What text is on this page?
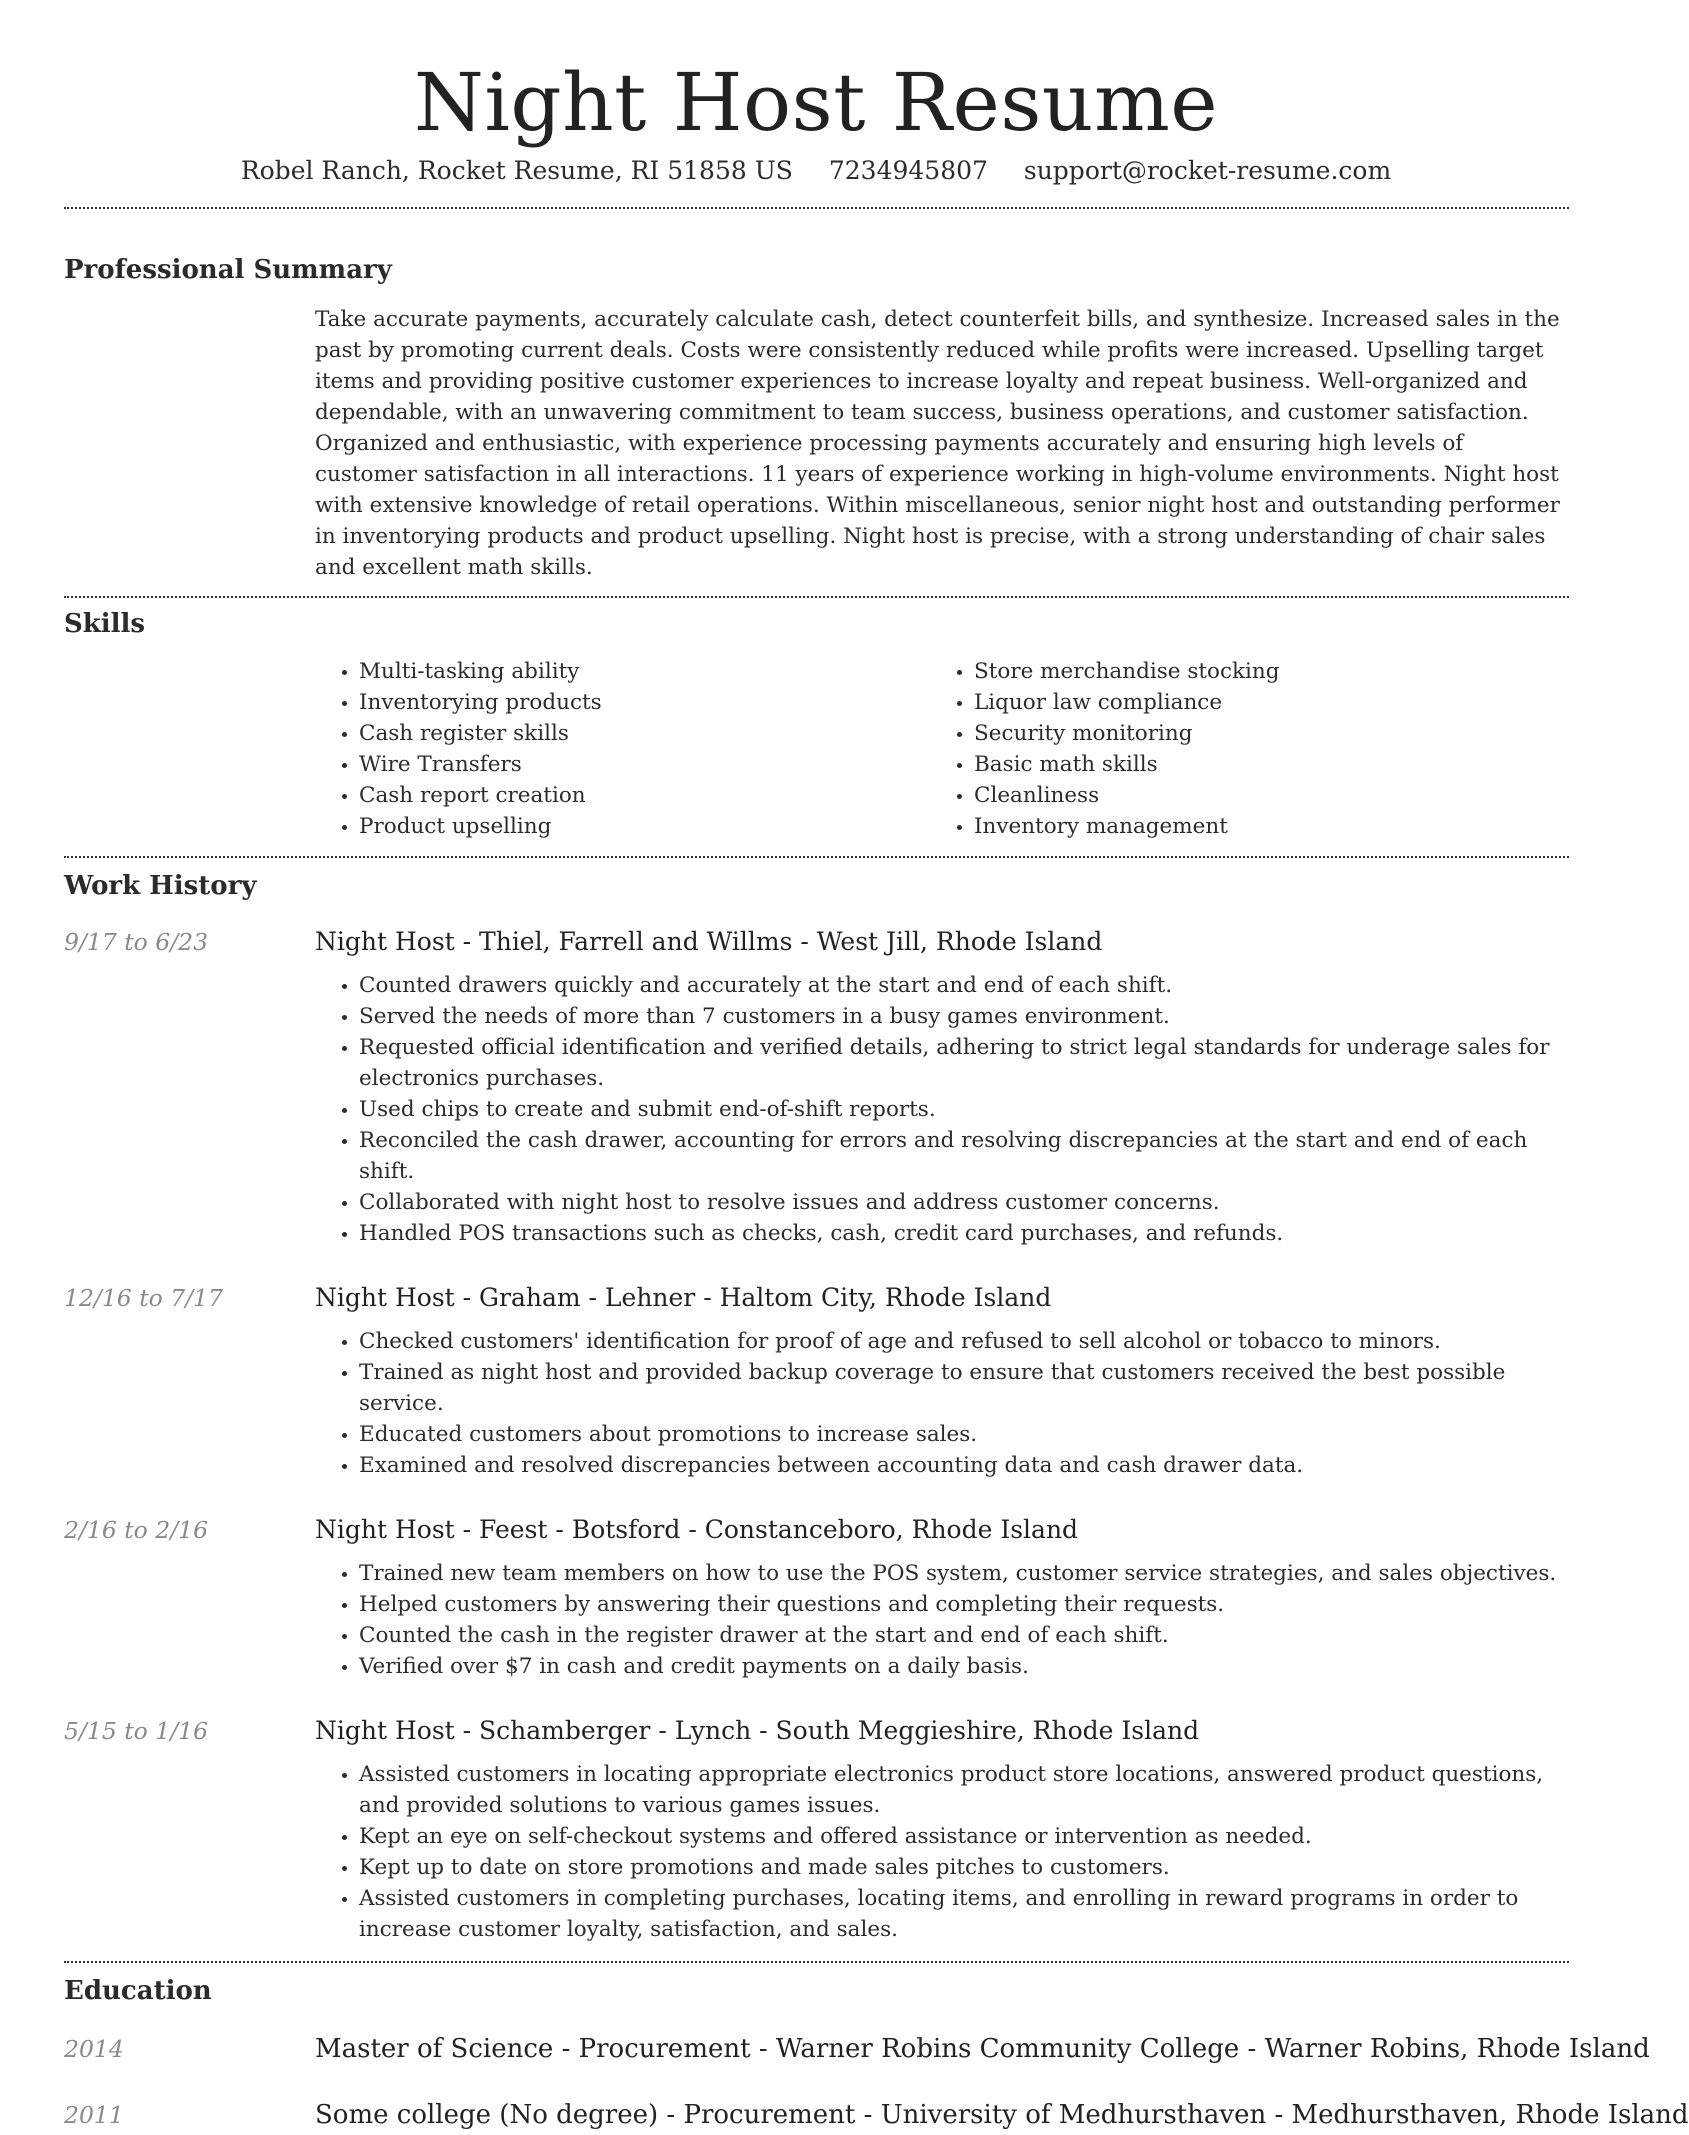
Night Host Resume
Robel Ranch, Rocket Resume, RI 51858 US 7234945807 support@rocket-resume.com
Professional Summary

Take accurate payments, accurately calculate cash, detect counterfeit bills, and synthesize. Increased sales in the past by promoting current deals. Costs were consistently reduced while profits were increased. Upselling target items and providing positive customer experiences to increase loyalty and repeat business. Well-organized and dependable, with an unwavering commitment to team success, business operations, and customer satisfaction. Organized and enthusiastic, with experience processing payments accurately and ensuring high levels of customer satisfaction in all interactions. 11 years of experience working in high-volume environments. Night host with extensive knowledge of retail operations. Within miscellaneous, senior night host and outstanding performer in inventorying products and product upselling. Night host is precise, with a strong understanding of chair sales and excellent math skills.

Skills
• Multi-tasking ability
• Inventorying products
• Cash register skills
• Wire Transfers
• Cash report creation
• Product upselling
• Store merchandise stocking
• Liquor law compliance
• Security monitoring
• Basic math skills
• Cleanliness
• Inventory management
Work History
9/17 to 6/23	Night Host - Thiel, Farrell and Willms - West Jill, Rhode Island
• Counted drawers quickly and accurately at the start and end of each shift.
• Served the needs of more than 7 customers in a busy games environment.
• Requested official identification and verified details, adhering to strict legal standards for underage sales for electronics purchases.
• Used chips to create and submit end-of-shift reports.
• Reconciled the cash drawer, accounting for errors and resolving discrepancies at the start and end of each shift.
• Collaborated with night host to resolve issues and address customer concerns.
• Handled POS transactions such as checks, cash, credit card purchases, and refunds.
12/16 to 7/17	Night Host - Graham - Lehner - Haltom City, Rhode Island
• Checked customers' identification for proof of age and refused to sell alcohol or tobacco to minors.
• Trained as night host and provided backup coverage to ensure that customers received the best possible service.
• Educated customers about promotions to increase sales.
• Examined and resolved discrepancies between accounting data and cash drawer data.
2/16 to 2/16	Night Host - Feest - Botsford - Constanceboro, Rhode Island
• Trained new team members on how to use the POS system, customer service strategies, and sales objectives.
• Helped customers by answering their questions and completing their requests.
• Counted the cash in the register drawer at the start and end of each shift.
• Verified over $7 in cash and credit payments on a daily basis.
5/15 to 1/16	Night Host - Schamberger - Lynch - South Meggieshire, Rhode Island
• Assisted customers in locating appropriate electronics product store locations, answered product questions, and provided solutions to various games issues.
• Kept an eye on self-checkout systems and offered assistance or intervention as needed.
• Kept up to date on store promotions and made sales pitches to customers.
• Assisted customers in completing purchases, locating items, and enrolling in reward programs in order to increase customer loyalty, satisfaction, and sales.
Education
2014	Master of Science - Procurement - Warner Robins Community College - Warner Robins, Rhode Island
2011	Some college (No degree) - Procurement - University of Medhursthaven - Medhursthaven, Rhode Island
